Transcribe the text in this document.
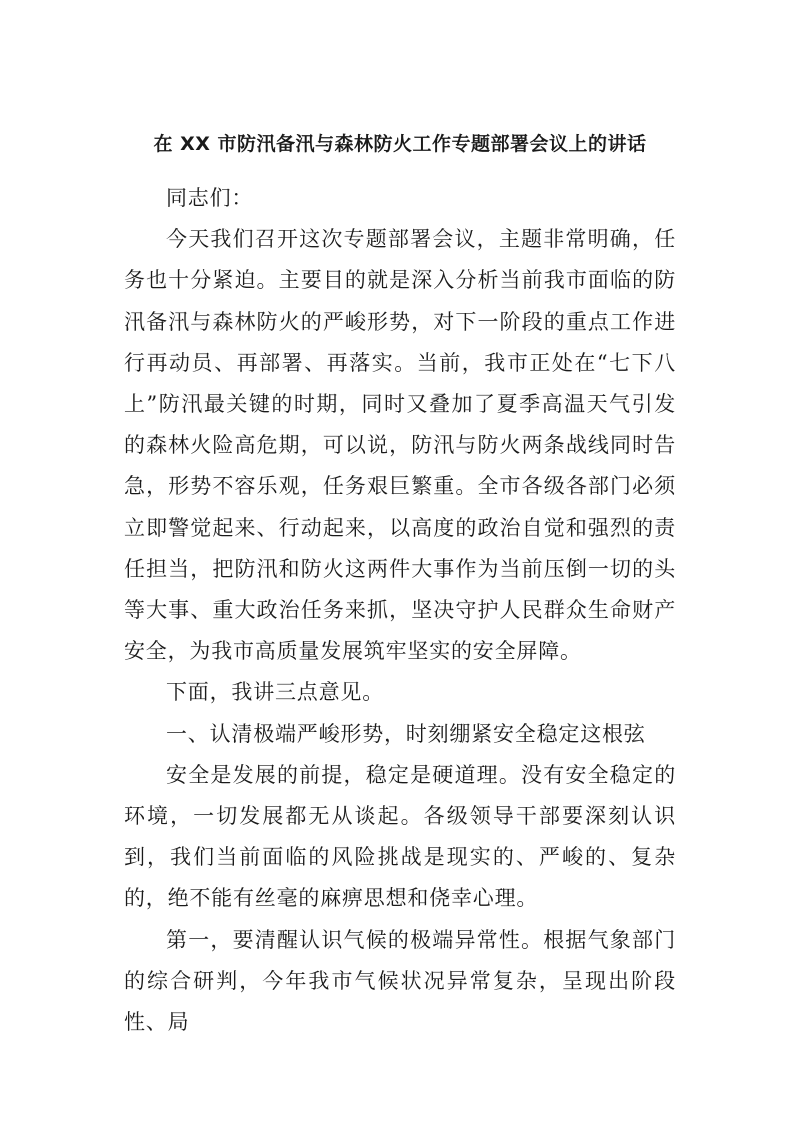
在 XX 市防汛备汛与森林防火工作专题部署会议上的讲话

同志们：

今天我们召开这次专题部署会议，主题非常明确，任务也十分紧迫。主要目的就是深入分析当前我市面临的防汛备汛与森林防火的严峻形势，对下一阶段的重点工作进行再动员、再部署、再落实。当前，我市正处在“七下八上”防汛最关键的时期，同时又叠加了夏季高温天气引发的森林火险高危期，可以说，防汛与防火两条战线同时告急，形势不容乐观，任务艰巨繁重。全市各级各部门必须立即警觉起来、行动起来，以高度的政治自觉和强烈的责任担当，把防汛和防火这两件大事作为当前压倒一切的头等大事、重大政治任务来抓，坚决守护人民群众生命财产安全，为我市高质量发展筑牢坚实的安全屏障。

下面，我讲三点意见。

一、认清极端严峻形势，时刻绷紧安全稳定这根弦

安全是发展的前提，稳定是硬道理。没有安全稳定的环境，一切发展都无从谈起。各级领导干部要深刻认识到，我们当前面临的风险挑战是现实的、严峻的、复杂的，绝不能有丝毫的麻痹思想和侥幸心理。

第一，要清醒认识气候的极端异常性。根据气象部门的综合研判，今年我市气候状况异常复杂，呈现出阶段性、局
